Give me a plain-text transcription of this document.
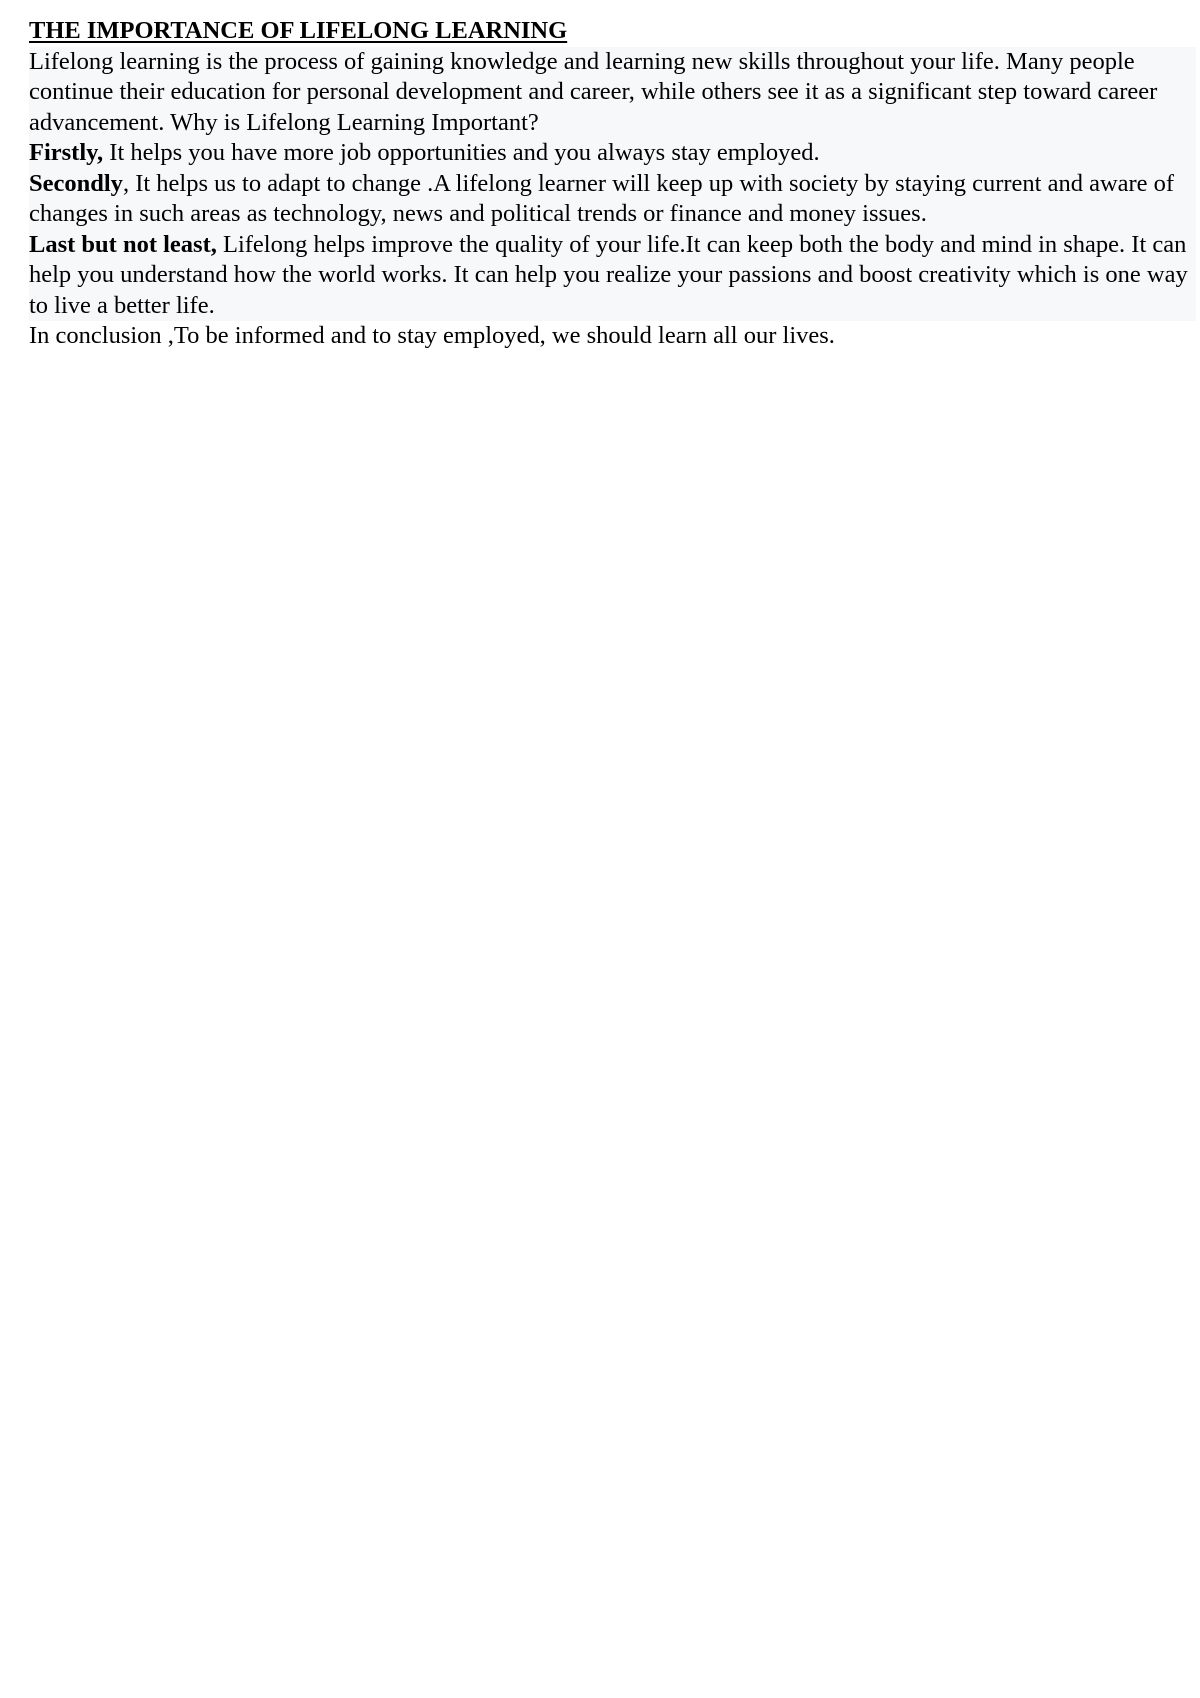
THE IMPORTANCE OF LIFELONG LEARNING

Lifelong learning is the process of gaining knowledge and learning new skills throughout your life. Many people continue their education for personal development and career, while others see it as a significant step toward career advancement. Why is Lifelong Learning Important?

Firstly, It helps you have more job opportunities and you always stay employed.

Secondly, It helps us to adapt to change .A lifelong learner will keep up with society by staying current and aware of changes in such areas as technology, news and political trends or finance and money issues.

Last but not least, Lifelong helps improve the quality of your life.It can keep both the body and mind in shape. It can help you understand how the world works. It can help you realize your passions and boost creativity which is one way to live a better life.

In conclusion ,To be informed and to stay employed, we should learn all our lives.
